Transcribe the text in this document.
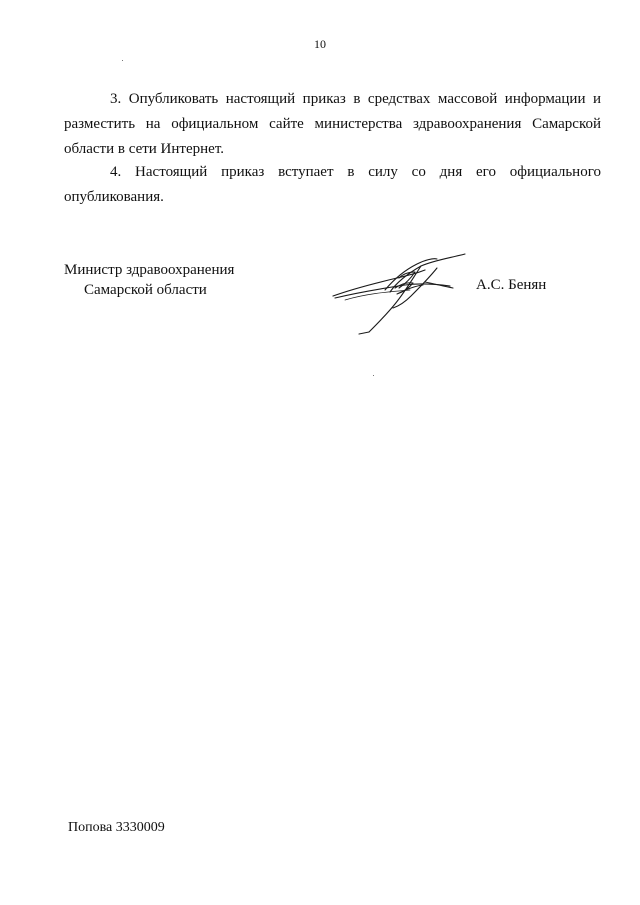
10

3. Опубликовать настоящий приказ в средствах массовой информации и разместить на официальном сайте министерства здравоохранения Самарской области в сети Интернет.

4. Настоящий приказ вступает в силу со дня его официального опубликования.

Министр здравоохранения
Самарской области	А.С. Бенян
Попова 3330009
